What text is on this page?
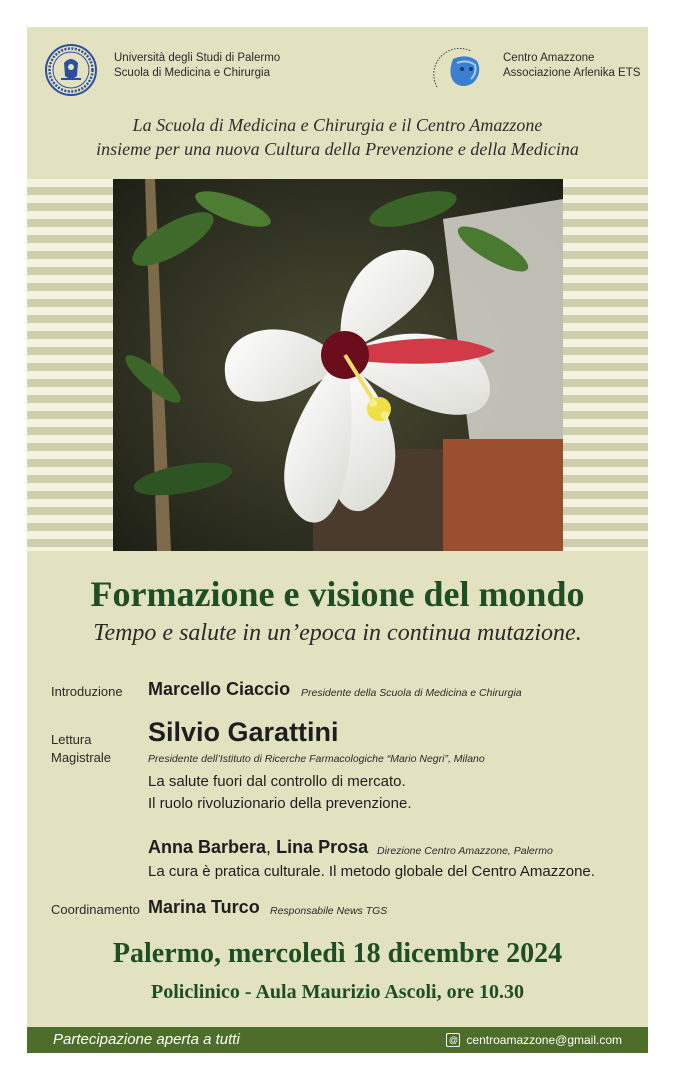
Università degli Studi di Palermo
Scuola di Medicina e Chirurgia
Centro Amazzone
Associazione Arlenika ETS
La Scuola di Medicina e Chirurgia e il Centro Amazzone
insieme per una nuova Cultura della Prevenzione e della Medicina
Formazione e visione del mondo
Tempo e salute in un’epoca in continua mutazione.
Introduzione Marcello Ciaccio Presidente della Scuola di Medicina e Chirurgia
Lettura
Magistrale
Silvio Garattini
Presidente dell’Istituto di Ricerche Farmacologiche “Mario Negri”, Milano
La salute fuori dal controllo di mercato.
Il ruolo rivoluzionario della prevenzione.
Anna Barbera, Lina Prosa Direzione Centro Amazzone, Palermo
La cura è pratica culturale. Il metodo globale del Centro Amazzone.
Coordinamento Marina Turco Responsabile News TGS
Palermo, mercoledì 18 dicembre 2024
Policlinico - Aula Maurizio Ascoli, ore 10.30
Partecipazione aperta a tutti	@ centroamazzone@gmail.com
